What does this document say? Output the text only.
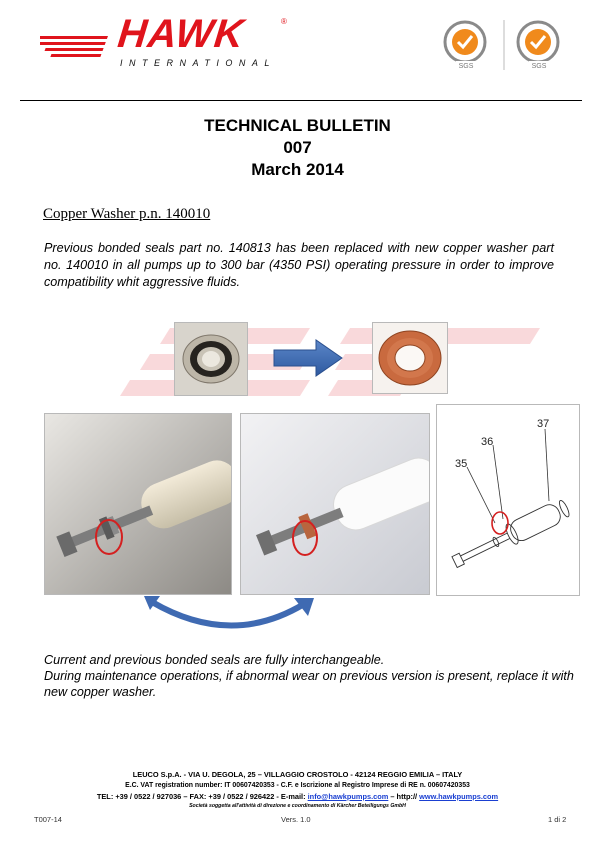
HAWK	®
INTERNATIONAL	SGS	SGS
TECHNICAL BULLETIN
007
March 2014
Copper Washer p.n. 140010
Previous bonded seals part no. 140813 has been replaced with new copper washer part no. 140010 in all pumps up to 300 bar (4350 PSI) operating pressure in order to improve compatibility whit aggressive fluids.
35
36
37
Current and previous bonded seals are fully interchangeable.
During maintenance operations, if abnormal wear on previous version is present, replace it with new copper washer.
LEUCO S.p.A. - VIA U. DEGOLA, 25 – VILLAGGIO CROSTOLO - 42124 REGGIO EMILIA – ITALY
E.C. VAT registration number: IT 00607420353 - C.F. e Iscrizione al Registro Imprese di RE n. 00607420353
TEL: +39 / 0522 / 927036 – FAX: +39 / 0522 / 926422 - E-mail: info@hawkpumps.com – http:// www.hawkpumps.com
Società soggetta all'attività di direzione e coordinamento di Kärcher Beteiligungs GmbH
T007-14	Vers. 1.0	1 di 2
